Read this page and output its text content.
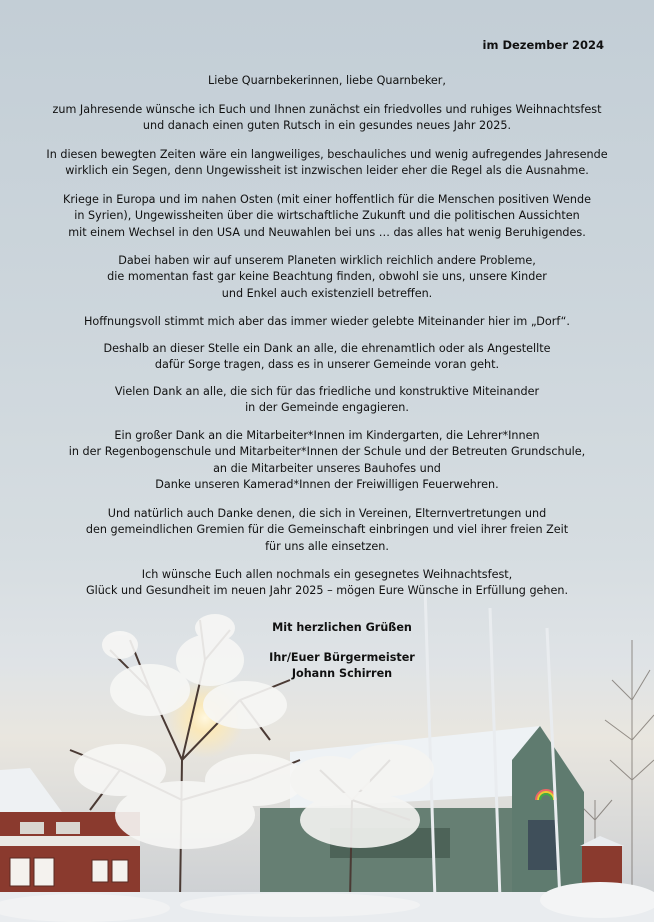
im Dezember 2024
Liebe Quarnbekerinnen, liebe Quarnbeker,
zum Jahresende wünsche ich Euch und Ihnen zunächst ein friedvolles und ruhiges Weihnachtsfest
und danach einen guten Rutsch in ein gesundes neues Jahr 2025.
In diesen bewegten Zeiten wäre ein langweiliges, beschauliches und wenig aufregendes Jahresende
wirklich ein Segen, denn Ungewissheit ist inzwischen leider eher die Regel als die Ausnahme.
Kriege in Europa und im nahen Osten (mit einer hoffentlich für die Menschen positiven Wende
in Syrien), Ungewissheiten über die wirtschaftliche Zukunft und die politischen Aussichten
mit einem Wechsel in den USA und Neuwahlen bei uns … das alles hat wenig Beruhigendes.
Dabei haben wir auf unserem Planeten wirklich reichlich andere Probleme,
die momentan fast gar keine Beachtung finden, obwohl sie uns, unsere Kinder
und Enkel auch existenziell betreffen.
Hoffnungsvoll stimmt mich aber das immer wieder gelebte Miteinander hier im „Dorf“.
Deshalb an dieser Stelle ein Dank an alle, die ehrenamtlich oder als Angestellte
dafür Sorge tragen, dass es in unserer Gemeinde voran geht.
Vielen Dank an alle, die sich für das friedliche und konstruktive Miteinander
in der Gemeinde engagieren.
Ein großer Dank an die Mitarbeiter*Innen im Kindergarten, die Lehrer*Innen
in der Regenbogenschule und Mitarbeiter*Innen der Schule und der Betreuten Grundschule,
an die Mitarbeiter unseres Bauhofes und
Danke unseren Kamerad*Innen der Freiwilligen Feuerwehren.
Und natürlich auch Danke denen, die sich in Vereinen, Elternvertretungen und
den gemeindlichen Gremien für die Gemeinschaft einbringen und viel ihrer freien Zeit
für uns alle einsetzen.
Ich wünsche Euch allen nochmals ein gesegnetes Weihnachtsfest,
Glück und Gesundheit im neuen Jahr 2025 – mögen Eure Wünsche in Erfüllung gehen.
Mit herzlichen Grüßen
Ihr/Euer Bürgermeister
Johann Schirren
